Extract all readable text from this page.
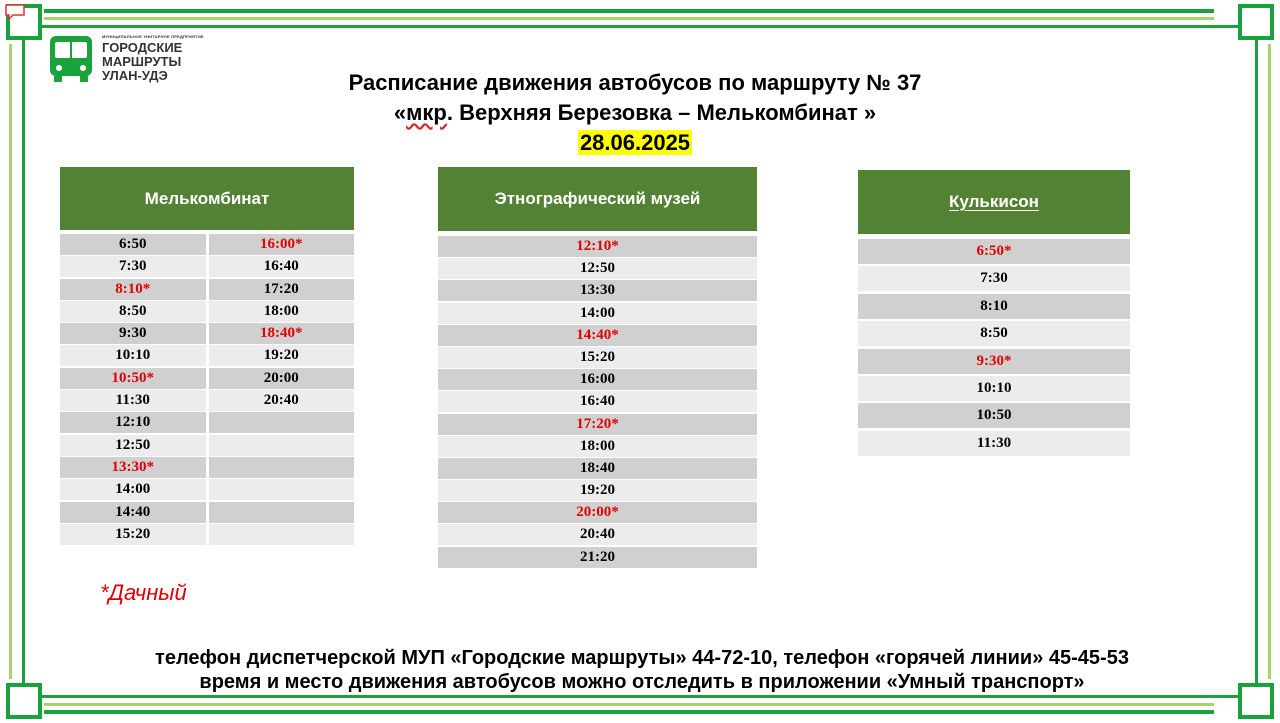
МУНИЦИПАЛЬНОЕ УНИТАРНОЕ ПРЕДПРИЯТИЕ
ГОРОДСКИЕ
МАРШРУТЫ
УЛАН-УДЭ	Расписание движения автобусов по маршруту № 37
«мкр. Верхняя Березовка – Мелькомбинат »
28.06.2025
Мелькомбинат
6:50	16:00*
7:30	16:40
8:10*	17:20
8:50	18:00
9:30	18:40*
10:10	19:20
10:50*	20:00
11:30	20:40
12:10
12:50
13:30*
14:00
14:40
15:20
Этнографический музей
12:10*
12:50
13:30
14:00
14:40*
15:20
16:00
16:40
17:20*
18:00
18:40
19:20
20:00*
20:40
21:20
Кулькисон
6:50*
7:30
8:10
8:50
9:30*
10:10
10:50
11:30
*Дачный
телефон диспетчерской МУП «Городские маршруты» 44-72-10, телефон «горячей линии» 45-45-53
время и место движения автобусов можно отследить в приложении «Умный транспорт»
